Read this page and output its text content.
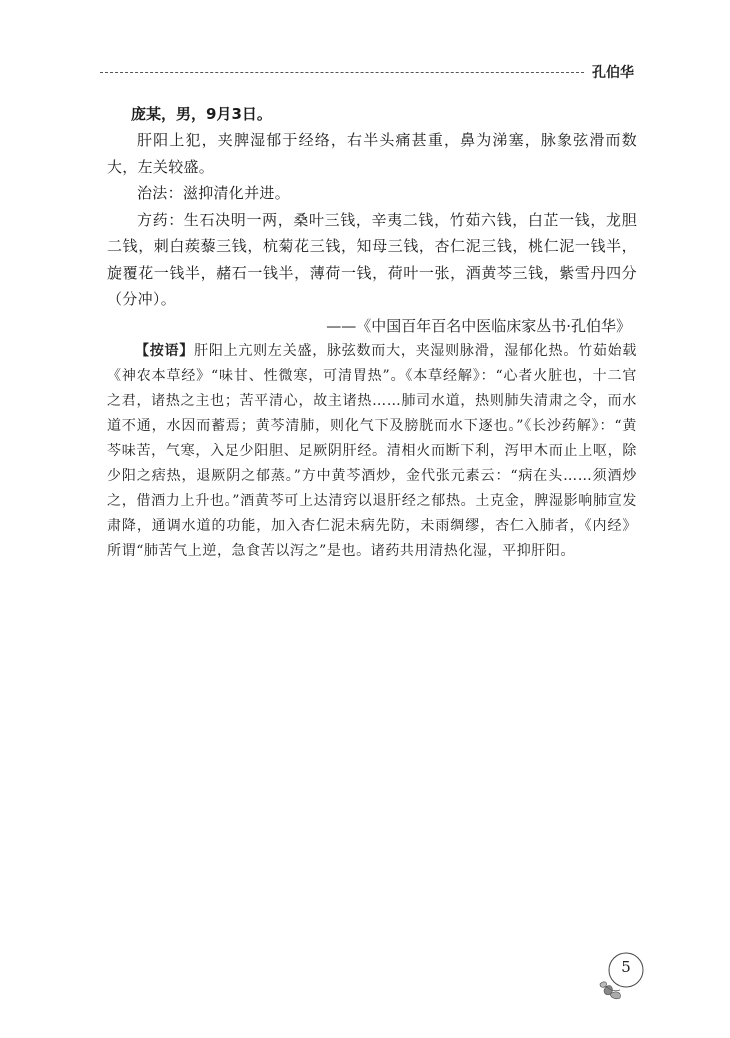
孔伯华

庞某，男，9月3日。

肝阳上犯，夹脾湿郁于经络，右半头痛甚重，鼻为涕塞，脉象弦滑而数大，左关较盛。

治法：滋抑清化并进。

方药：生石决明一两，桑叶三钱，辛夷二钱，竹茹六钱，白芷一钱，龙胆二钱，刺白蒺藜三钱，杭菊花三钱，知母三钱，杏仁泥三钱，桃仁泥一钱半，旋覆花一钱半，赭石一钱半，薄荷一钱，荷叶一张，酒黄芩三钱，紫雪丹四分（分冲）。

——《中国百年百名中医临床家丛书·孔伯华》

【按语】肝阳上亢则左关盛，脉弦数而大，夹湿则脉滑，湿郁化热。竹茹始载《神农本草经》“味甘、性微寒，可清胃热”。《本草经解》：“心者火脏也，十二官之君，诸热之主也；苦平清心，故主诸热……肺司水道，热则肺失清肃之令，而水道不通，水因而蓄焉；黄芩清肺，则化气下及膀胱而水下逐也。”《长沙药解》：“黄芩味苦，气寒，入足少阳胆、足厥阴肝经。清相火而断下利，泻甲木而止上呕，除少阳之痞热，退厥阴之郁蒸。”方中黄芩酒炒，金代张元素云：“病在头……须酒炒之，借酒力上升也。”酒黄芩可上达清窍以退肝经之郁热。土克金，脾湿影响肺宣发肃降，通调水道的功能，加入杏仁泥未病先防，未雨绸缪，杏仁入肺者，《内经》所谓“肺苦气上逆，急食苦以泻之”是也。诸药共用清热化湿，平抑肝阳。

5
